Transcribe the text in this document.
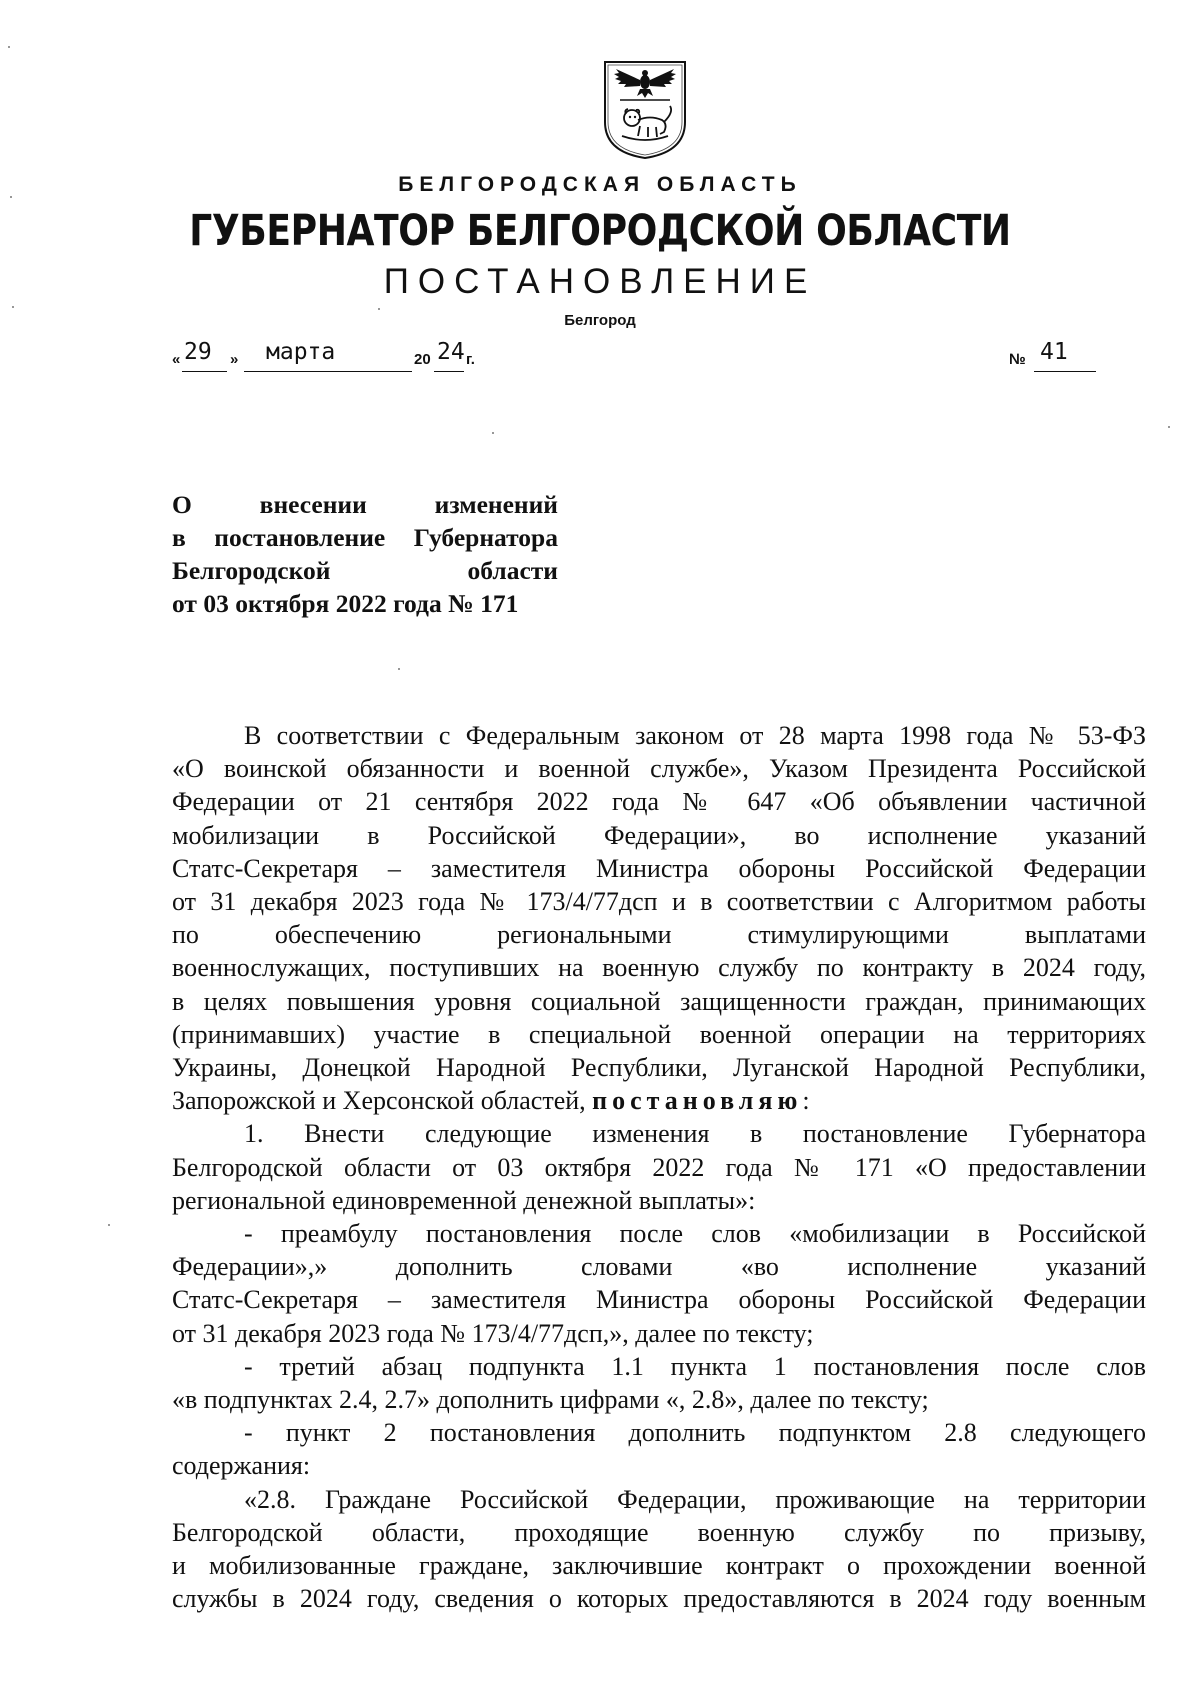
БЕЛГОРОДСКАЯ ОБЛАСТЬ
ГУБЕРНАТОР БЕЛГОРОДСКОЙ ОБЛАСТИ
ПОСТАНОВЛЕНИЕ
Белгород
« 29 » марта	20 24 г.	№ 41
О внесении изменений
в постановление Губернатора
Белгородской области
от 03 октября 2022 года № 171
В соответствии с Федеральным законом от 28 марта 1998 года № 53-ФЗ
«О воинской обязанности и военной службе», Указом Президента Российской
Федерации от 21 сентября 2022 года № 647 «Об объявлении частичной
мобилизации в Российской Федерации», во исполнение указаний
Статс-Секретаря – заместителя Министра обороны Российской Федерации
от 31 декабря 2023 года № 173/4/77дсп и в соответствии с Алгоритмом работы
по обеспечению региональными стимулирующими выплатами
военнослужащих, поступивших на военную службу по контракту в 2024 году,
в целях повышения уровня социальной защищенности граждан, принимающих
(принимавших) участие в специальной военной операции на территориях
Украины, Донецкой Народной Республики, Луганской Народной Республики,
Запорожской и Херсонской областей, постановляю:
1. Внести следующие изменения в постановление Губернатора
Белгородской области от 03 октября 2022 года № 171 «О предоставлении
региональной единовременной денежной выплаты»:
- преамбулу постановления после слов «мобилизации в Российской
Федерации»,» дополнить словами «во исполнение указаний
Статс-Секретаря – заместителя Министра обороны Российской Федерации
от 31 декабря 2023 года № 173/4/77дсп,», далее по тексту;
- третий абзац подпункта 1.1 пункта 1 постановления после слов
«в подпунктах 2.4, 2.7» дополнить цифрами «, 2.8», далее по тексту;
- пункт 2 постановления дополнить подпунктом 2.8 следующего
содержания:
«2.8. Граждане Российской Федерации, проживающие на территории
Белгородской области, проходящие военную службу по призыву,
и мобилизованные граждане, заключившие контракт о прохождении военной
службы в 2024 году, сведения о которых предоставляются в 2024 году военным
